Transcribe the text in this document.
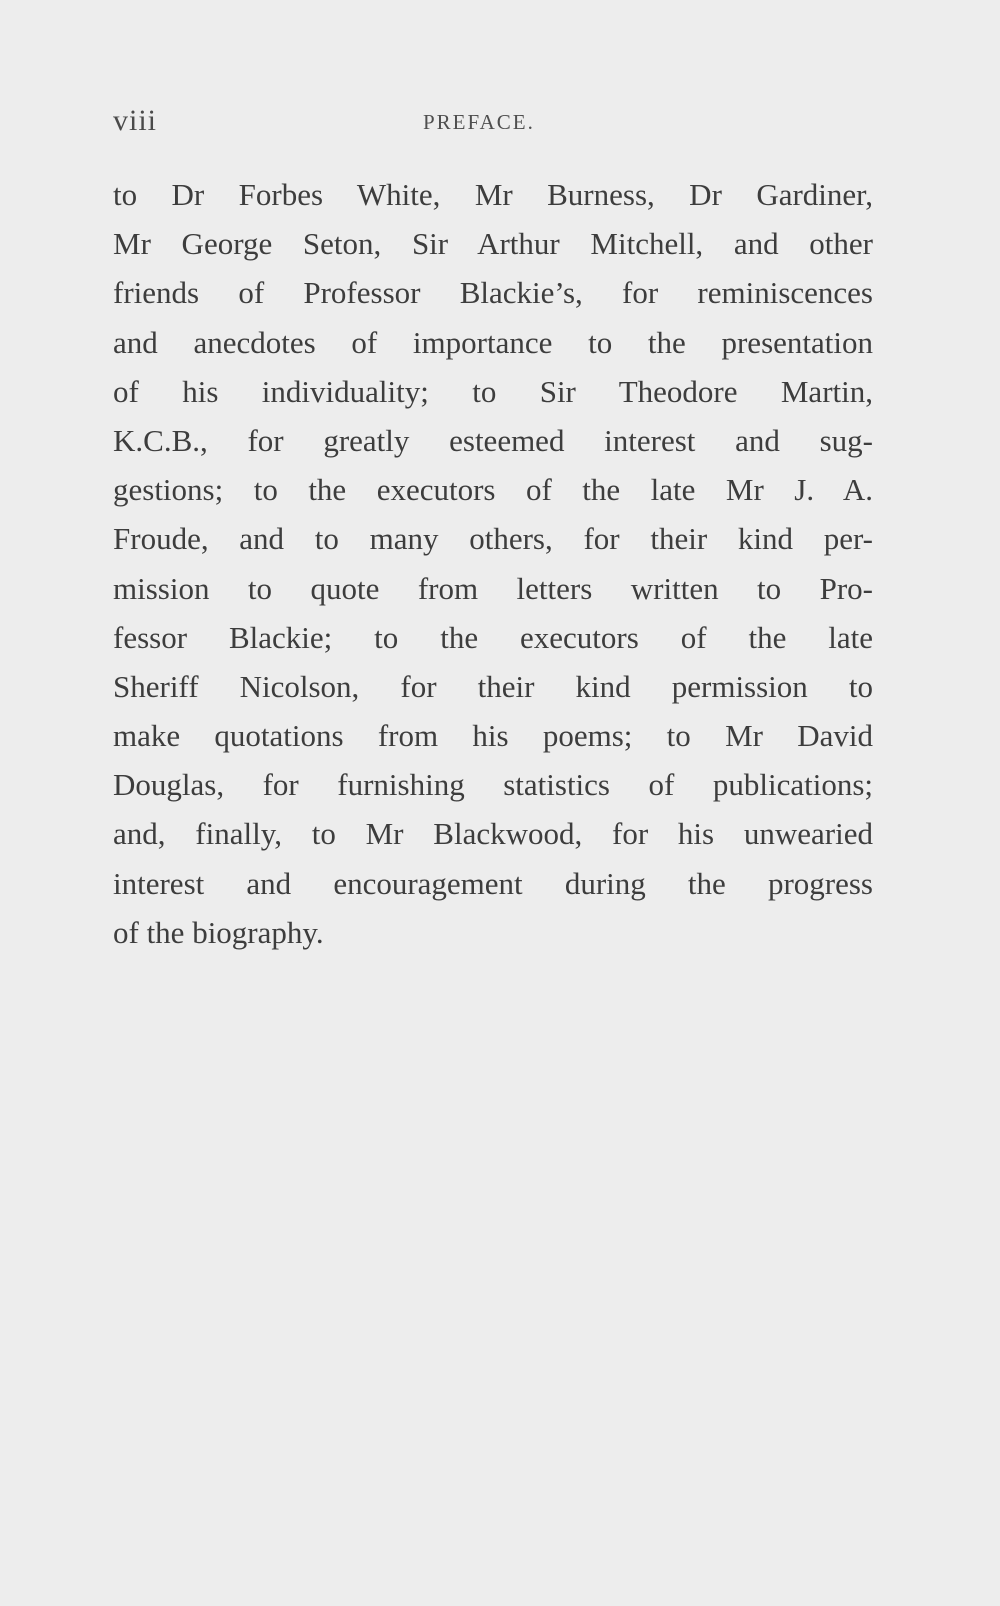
viii	PREFACE.
to Dr Forbes White, Mr Burness, Dr Gardiner,
Mr George Seton, Sir Arthur Mitchell, and other
friends of Professor Blackie’s, for reminiscences
and anecdotes of importance to the presentation
of his individuality; to Sir Theodore Martin,
K.C.B., for greatly esteemed interest and sug-
gestions; to the executors of the late Mr J. A.
Froude, and to many others, for their kind per-
mission to quote from letters written to Pro-
fessor Blackie; to the executors of the late
Sheriff Nicolson, for their kind permission to
make quotations from his poems; to Mr David
Douglas, for furnishing statistics of publications;
and, finally, to Mr Blackwood, for his unwearied
interest and encouragement during the progress
of the biography.
